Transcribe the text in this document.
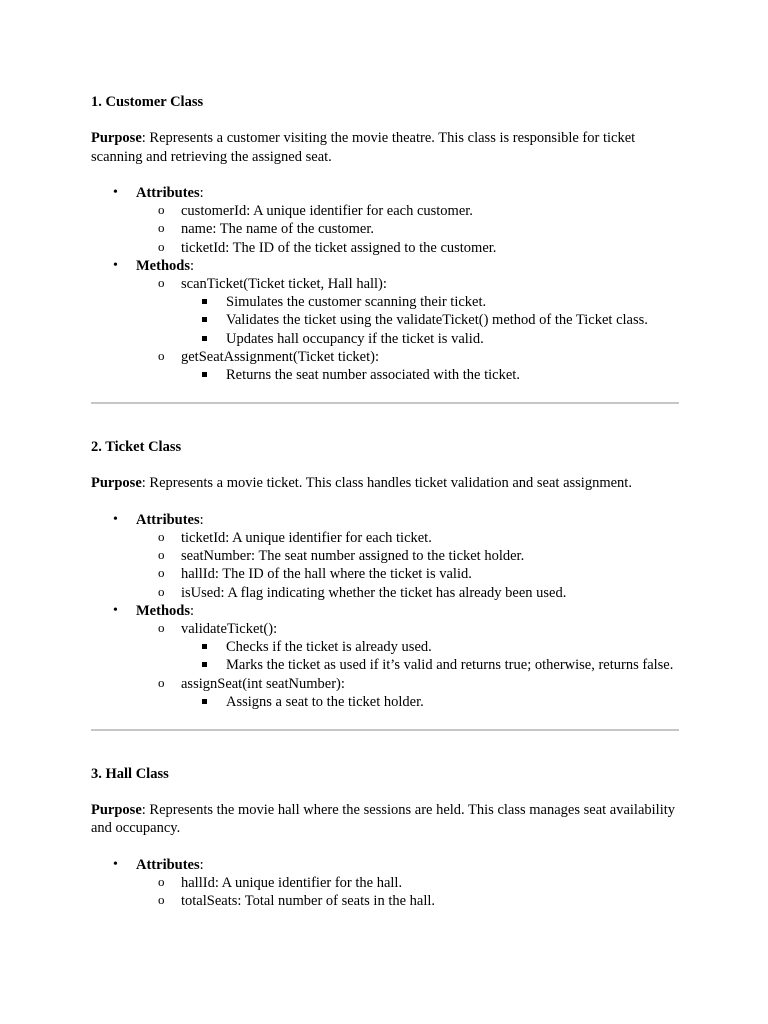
1. Customer Class

Purpose: Represents a customer visiting the movie theatre. This class is responsible for ticket scanning and retrieving the assigned seat.

• Attributes:
o customerId: A unique identifier for each customer.
o name: The name of the customer.
o ticketId: The ID of the ticket assigned to the customer.
• Methods:
o scanTicket(Ticket ticket, Hall hall):
Simulates the customer scanning their ticket.
Validates the ticket using the validateTicket() method of the Ticket class.
Updates hall occupancy if the ticket is valid.
o getSeatAssignment(Ticket ticket):
Returns the seat number associated with the ticket.

2. Ticket Class

Purpose: Represents a movie ticket. This class handles ticket validation and seat assignment.

• Attributes:
o ticketId: A unique identifier for each ticket.
o seatNumber: The seat number assigned to the ticket holder.
o hallId: The ID of the hall where the ticket is valid.
o isUsed: A flag indicating whether the ticket has already been used.
• Methods:
o validateTicket():
Checks if the ticket is already used.
Marks the ticket as used if it’s valid and returns true; otherwise, returns false.
o assignSeat(int seatNumber):
Assigns a seat to the ticket holder.

3. Hall Class

Purpose: Represents the movie hall where the sessions are held. This class manages seat availability and occupancy.

• Attributes:
o hallId: A unique identifier for the hall.
o totalSeats: Total number of seats in the hall.
